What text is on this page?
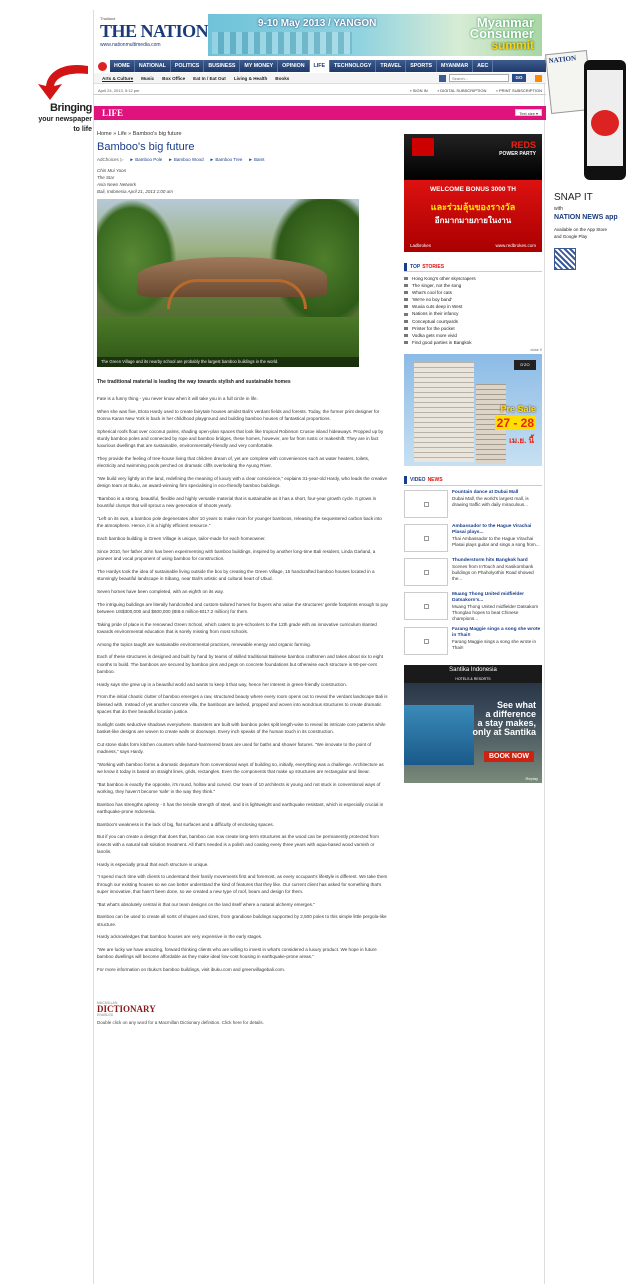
Bringing
your newspaper
to life
Thailand
THE NATION
www.nationmultimedia.com
9-10 May 2013 / YANGON	Myanmar
Consumer
summit
HOME	NATIONAL	POLITICS	BUSINESS	MY MONEY	OPINION	LIFE	TECHNOLOGY	TRAVEL	SPORTS	MYANMAR	AEC
Arts & Culture	Music	Box Office	Eat In / Eat Out	Living & Health	Books
Search...	GO
April 24, 2013, 5:12 pm	▪ SIGN IN	▪ DIGITAL SUBSCRIPTION	▪ PRINT SUBSCRIPTION
LIFE	Text size ▾
Home » Life » Bamboo's big future
Bamboo's big future
AdChoices ▷ ► Bamboo Pole ► Bamboo Wood ► Bamboo Tree ► Bamt
Chin Mui Yoon
The Star
Asia News Network
Bali, Indonesia April 21, 2013 1:00 am
The Green Village and its nearby school are probably the largest bamboo buildings in the world.
The traditional material is leading the way towards stylish and sustainable homes

Fate is a funny thing - you never know when it will take you in a full circle in life.

When she was five, Elora Hardy used to create fairytale houses amidst Bali's verdant fields and forests. Today, the former print designer for Donna Karan New York is back in her childhood playground and building bamboo houses of fantastical proportions.

Spherical roofs float over coconut palms, shading open-plan spaces that look like tropical Robinson Crusoe island hideaways. Propped up by sturdy bamboo poles and connected by rope and bamboo bridges, these homes, however, are far from rustic or makeshift. They are in fact luxurious dwellings that are sustainable, environmentally-friendly and very comfortable.

They provide the feeling of tree-house living that children dream of, yet are complete with conveniences such as water heaters, toilets, electricity and swimming pools perched on dramatic cliffs overlooking the Ayung River.

"We build very lightly on the land, redefining the meaning of luxury with a clear conscience," explains 31-year-old Hardy, who leads the creative design team at Ibuku, an award-winning firm specialising in eco-friendly bamboo buildings.

"Bamboo is a strong, beautiful, flexible and highly versatile material that is sustainable as it has a short, four-year growth cycle. It grows in bountiful clumps that will sprout a new generation of shoots yearly.

"Left on its own, a bamboo pole degenerates after 10 years to make room for younger bamboos, releasing the sequestered carbon back into the atmosphere. Hence, it is a highly efficient resource."

Each bamboo building in Green Village is unique, tailor-made for each homeowner.

Since 2010, her father John has been experimenting with bamboo buildings, inspired by another long-time Bali resident, Linda Garland, a pioneer and vocal proponent of using bamboo for construction.

The Hardys took the idea of sustainable living outside the box by creating the Green Village, 15 handcrafted bamboo houses located in a stunningly beautiful landscape in Sibang, near Bali's artistic and cultural heart of Ubud.

Seven homes have been completed, with an eighth on its way.

The intriguing buildings are literally handcrafted and custom-tailored homes for buyers who value the structures' gentle footprints enough to pay between US$300,000 and $600,000 (Bt8.6 million-Bt17.2 million) for them.

Taking pride of place is the renowned Green School, which caters to pre-schoolers to the 12th grade with an innovative curriculum slanted towards environmental education that is sorely missing from most schools.

Among the topics taught are sustainable environmental practices, renewable energy and organic farming.

Each of these structures is designed and built by hand by teams of skilled traditional Balinese bamboo craftsmen and takes about six to eight months to build. The bamboos are secured by bamboo pins and pegs on concrete foundations but otherwise each structure is 90-per-cent bamboo.

Hardy says she grew up in a beautiful world and wants to keep it that way, hence her interest in green-friendly construction.

From the initial chaotic clutter of bamboo emerges a raw, structured beauty where every room opens out to reveal the verdant landscape Bali is blessed with. Instead of yet another concrete villa, the bamboos are lashed, propped and woven into wondrous structures to create dramatic spaces that do their beautiful location justice.

Sunlight casts seductive shadows everywhere. Banisters are built with bamboo poles split length-wise to reveal its intricate core patterns while basket-like designs are woven to create walls or doorways. Every inch speaks of the human touch in its construction.

Cut stone slabs form kitchen counters while hand-hammered brass are used for baths and shower fixtures. "We innovate to the point of madness," says Hardy.

"Working with bamboo forms a dramatic departure from conventional ways of building so, initially, everything was a challenge. Architecture as we know it today is based on straight lines, grids, rectangles. Even the components that make up structures are rectangular and linear.

"But bamboo is exactly the opposite, it's round, hollow and curved. Our team of 10 architects is young and not stuck in conventional ways of working, they haven't become 'safe' in the way they think."

Bamboo has strengths aplenty - it has the tensile strength of steel, and it is lightweight and earthquake resistant, which is especially crucial in earthquake-prone Indonesia.

Bamboo's weakness is the lack of big, flat surfaces and a difficulty of enclosing spaces.

But if you can create a design that does that, bamboo can now create long-term structures as the wood can be permanently protected from insects with a natural salt solution treatment. All that's needed is a polish and coating every three years with aqua-based wood varnish or lanolin.

Hardy is especially proud that each structure is unique.

"I spend much time with clients to understand their family movements first and foremost, as every occupant's lifestyle is different. We take them through our existing houses so we can better understand the kind of features that they like. Our current client has asked for something that's super innovative, that hasn't been done, so we created a new type of roof, beam and design for them.

"But what's absolutely central is that our team designs on the land itself where a natural alchemy emerges."

Bamboo can be used to create all sorts of shapes and sizes, from grandiose buildings supported by 2,500 poles to this simple little pergola-like structure.

Hardy acknowledges that bamboo houses are very expensive in the early stages.

"We are lucky we have amazing, forward thinking clients who are willing to invest in what's considered a luxury product. We hope in future bamboo dwellings will become affordable as they make ideal low-cost housing in earthquake-prone areas."

For more information on Ibuku's bamboo buildings, visit ibuku.com and greenvillagebali.com.

MACMILLAN
DICTIONARY
ENABLED
Double click on any word for a Macmillan Dictionary definition. Click here for details.
REDS
POWER PARTY
WELCOME BONUS 3000 TH
และร่วมลุ้นของรางวัล
อีกมากมายภายในงาน
Ladbrokes	www.redbrokes.com
TOP STORIES
Hong Kong's other skyscrapers
The singer, not the song
What's cool for cats
'We're no boy band'
Wuxia cuts deep in West
Nations in their infancy
Conceptual courtyards
Printer for the pocket
Vodka gets more vivid
Find good parties in Bangkok
close X
D'ZO
Pre Sale
27 - 28
เม.ย. นี้
VIDEO NEWS
Fountain dance at Dubai Mall
Dubai Mall, the world's largest mall, is drawing traffic with daily miraculous...
Ambassador to the Hague Virachai Plasai plays...
Thai Ambassador to the Hague Virachai Plasai plays guitar and sings a song from...
Thunderstorm hits Bangkok hard
Scenes from InTouch and Kasikornbank buildings on Phaholyothin Road showed the...
Muang Thong United midfielder Datsakorn's...
Muang Thong United midfielder Datsakorn Thonglao hopes to beat Chinese champions...
Farang Maggie sings a song she wrote in Thai!!
Farang Maggie sings a song she wrote in Thai!!
Santika Indonesia
HOTELS & RESORTS
See what
a difference
a stay makes,
only at Santika
BOOK NOW
Replay
NATION
SNAP IT
with
NATION NEWS app
Available on the App Store
and Google Play
